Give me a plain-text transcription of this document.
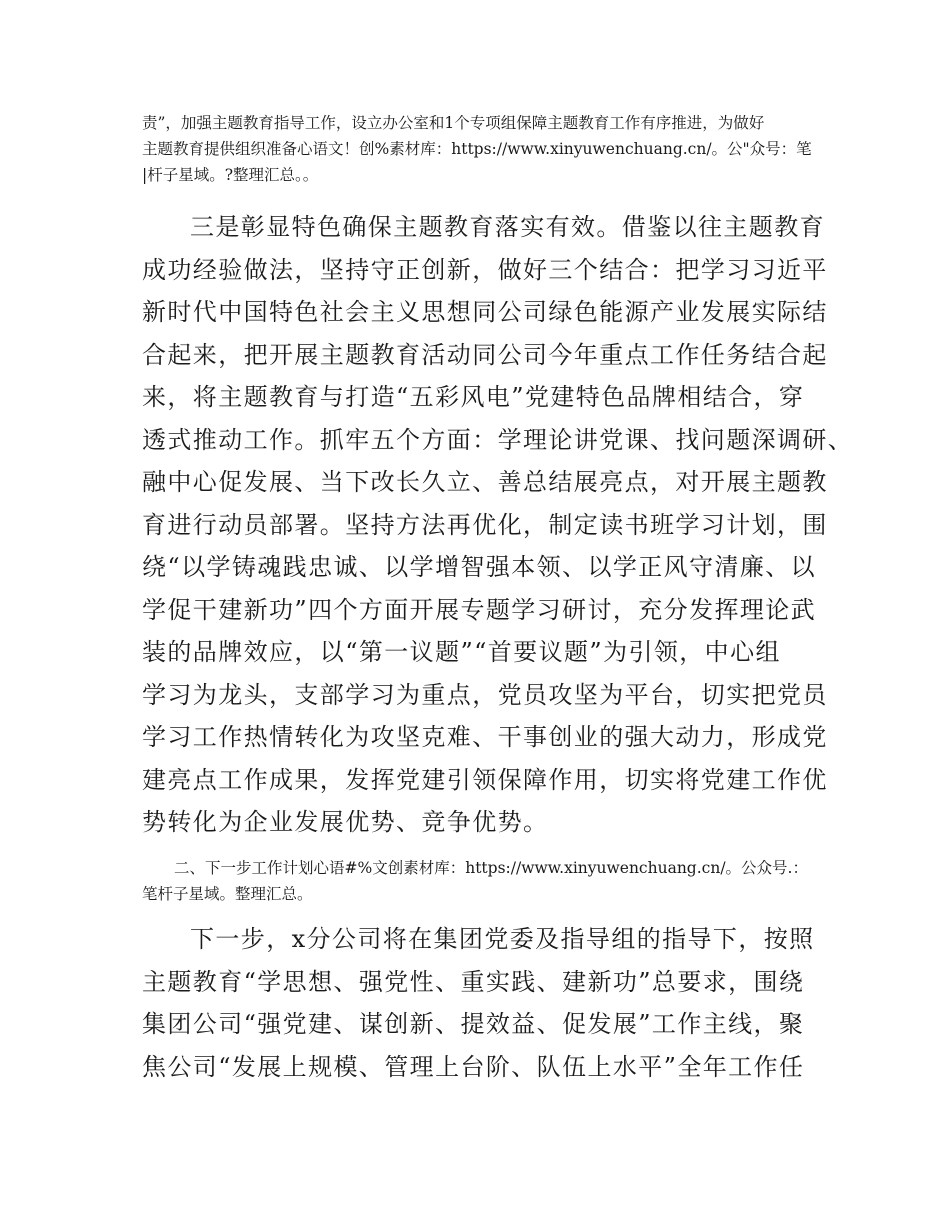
责”，加强主题教育指导工作，设立办公室和1个专项组保障主题教育工作有序推进，为做好
主题教育提供组织准备心语文！创%素材库：https://www.xinyuwenchuang.cn/。公"众号：笔
|杆子星域。?整理汇总。。
三是彰显特色确保主题教育落实有效。借鉴以往主题教育
成功经验做法，坚持守正创新，做好三个结合：把学习习近平
新时代中国特色社会主义思想同公司绿色能源产业发展实际结
合起来，把开展主题教育活动同公司今年重点工作任务结合起
来，将主题教育与打造“五彩风电”党建特色品牌相结合，穿
透式推动工作。抓牢五个方面：学理论讲党课、找问题深调研、
融中心促发展、当下改长久立、善总结展亮点，对开展主题教
育进行动员部署。坚持方法再优化，制定读书班学习计划，围
绕“以学铸魂践忠诚、以学增智强本领、以学正风守清廉、以
学促干建新功”四个方面开展专题学习研讨，充分发挥理论武
装的品牌效应，以“第一议题”“首要议题”为引领，中心组
学习为龙头，支部学习为重点，党员攻坚为平台，切实把党员
学习工作热情转化为攻坚克难、干事创业的强大动力，形成党
建亮点工作成果，发挥党建引领保障作用，切实将党建工作优
势转化为企业发展优势、竞争优势。
二、下一步工作计划心语#%文创素材库：https://www.xinyuwenchuang.cn/。公众号.：
笔杆子星域。整理汇总。
下一步，x分公司将在集团党委及指导组的指导下，按照
主题教育“学思想、强党性、重实践、建新功”总要求，围绕
集团公司“强党建、谋创新、提效益、促发展”工作主线，聚
焦公司“发展上规模、管理上台阶、队伍上水平”全年工作任
